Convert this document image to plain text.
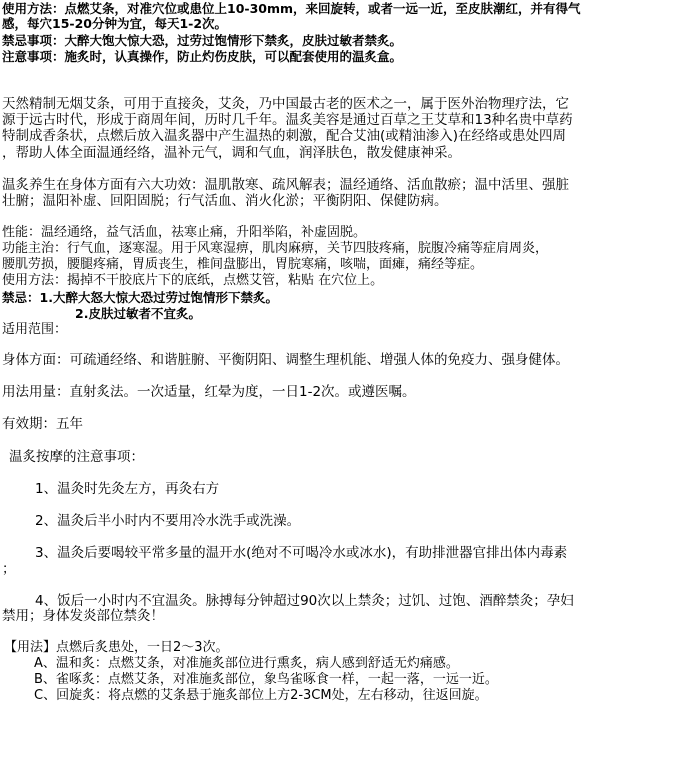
使用方法：点燃艾条，对准穴位或患位上10-30mm，来回旋转，或者一远一近，至皮肤潮红，并有得气
感，每穴15-20分钟为宜，每天1-2次。
禁忌事项：大醉大饱大惊大恐，过劳过饱情形下禁炙，皮肤过敏者禁炙。
注意事项：施炙时，认真操作，防止灼伤皮肤，可以配套使用的温炙盒。
天然精制无烟艾条，可用于直接灸，艾灸，乃中国最古老的医术之一，属于医外治物理疗法，它
源于远古时代，形成于商周年间，历时几千年。温炙美容是通过百草之王艾草和13种名贵中草药
特制成香条状，点燃后放入温炙器中产生温热的刺激，配合艾油(或精油渗入)在经络或患处四周
，帮助人体全面温通经络，温补元气，调和气血，润泽肤色，散发健康神采。
温炙养生在身体方面有六大功效：温肌散寒、疏风解表；温经通络、活血散瘀；温中活里、强脏
壮腑；温阳补虚、回阳固脱；行气活血、消火化淤；平衡阴阳、保健防病。
性能：温经通络，益气活血，祛寒止痛，升阳举陷，补虚固脱。
功能主治：行气血，逐寒湿。用于风寒湿痹，肌肉麻痹，关节四肢疼痛，脘腹冷痛等症肩周炎，
腰肌劳损，腰腿疼痛，胃质丧生，椎间盘膨出，胃脘寒痛，咳喘，面瘫，痛经等症。
使用方法：揭掉不干胶底片下的底纸，点燃艾管，粘贴 在穴位上。
禁忌：1.大醉大怒大惊大恐过劳过饱情形下禁炙。
2.皮肤过敏者不宜炙。
适用范围：
身体方面：可疏通经络、和谐脏腑、平衡阴阳、调整生理机能、增强人体的免疫力、强身健体。
用法用量：直射炙法。一次适量，红晕为度，一日1-2次。或遵医嘱。
有效期：五年
温炙按摩的注意事项：
1、温灸时先灸左方，再灸右方
2、温灸后半小时内不要用冷水洗手或洗澡。
3、温灸后要喝较平常多量的温开水(绝对不可喝冷水或冰水)，有助排泄器官排出体内毒素
；
4、饭后一小时内不宜温灸。脉搏每分钟超过90次以上禁灸；过饥、过饱、酒醉禁灸；孕妇
禁用；身体发炎部位禁灸！
【用法】点燃后炙患处，一日2～3次。
A、温和炙：点燃艾条，对准施炙部位进行熏炙，病人感到舒适无灼痛感。
B、雀啄炙：点燃艾条，对准施炙部位，象鸟雀啄食一样，一起一落，一远一近。
C、回旋炙：将点燃的艾条悬于施炙部位上方2-3CM处，左右移动，往返回旋。
